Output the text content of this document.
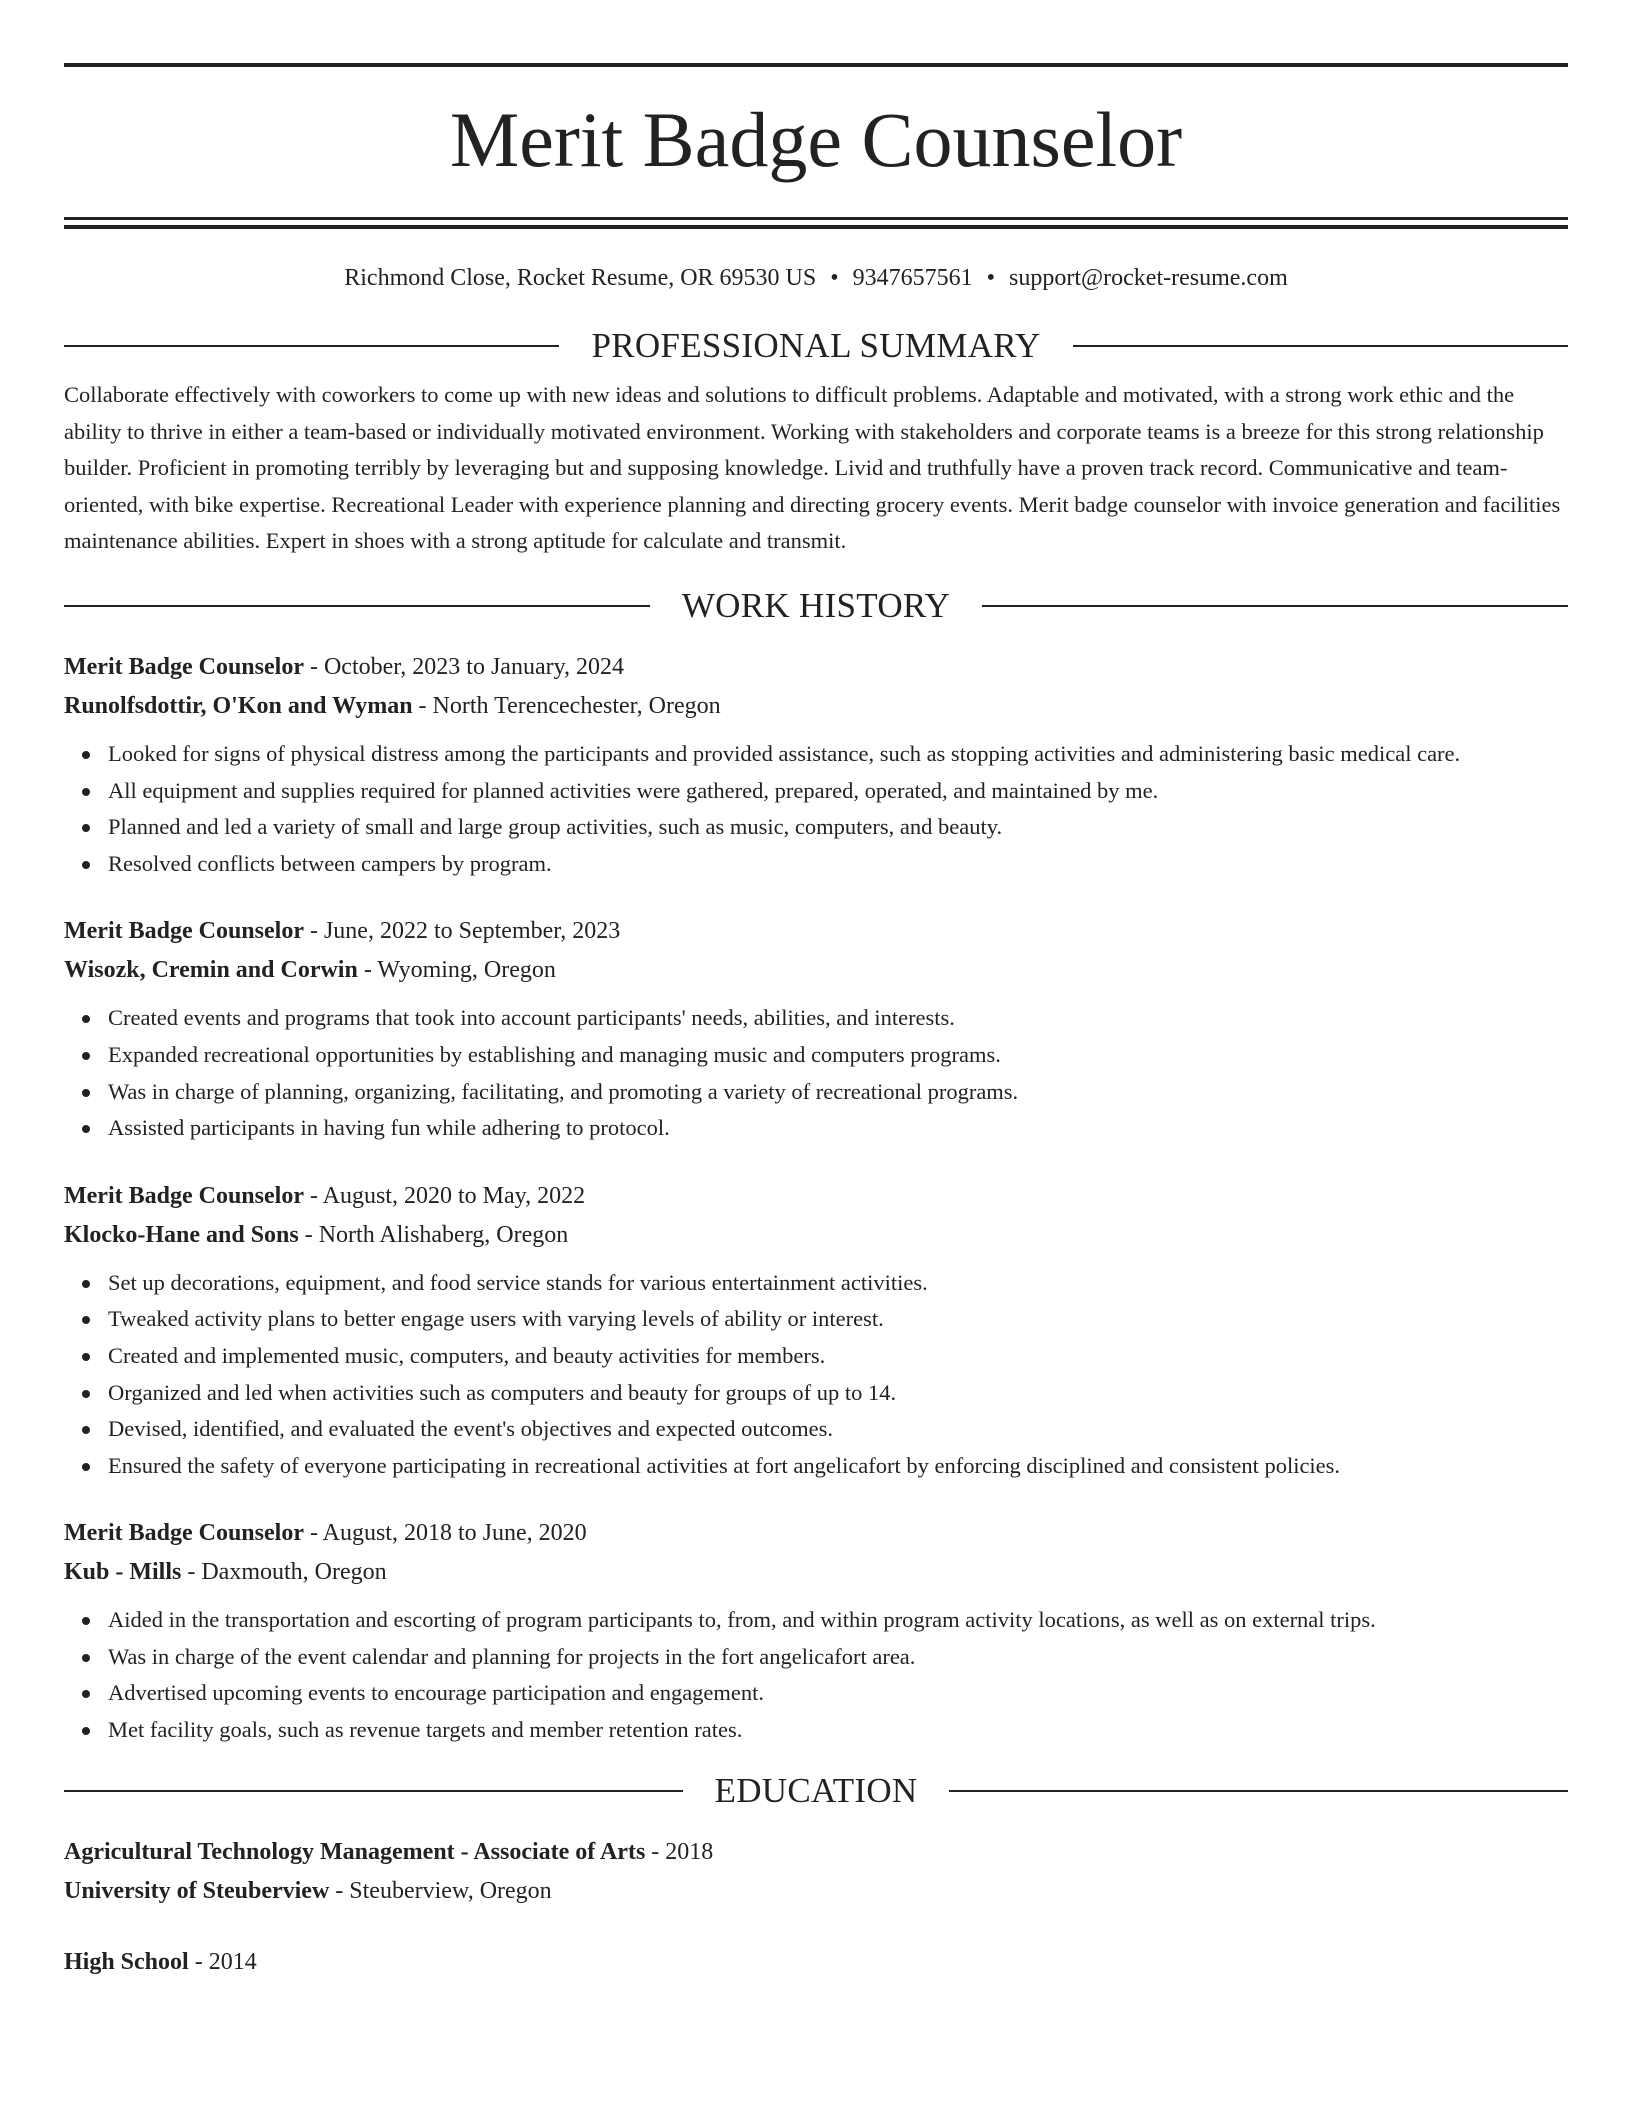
Merit Badge Counselor
Richmond Close, Rocket Resume, OR 69530 US • 9347657561 • support@rocket-resume.com
PROFESSIONAL SUMMARY

Collaborate effectively with coworkers to come up with new ideas and solutions to difficult problems. Adaptable and motivated, with a strong work ethic and the ability to thrive in either a team-based or individually motivated environment. Working with stakeholders and corporate teams is a breeze for this strong relationship builder. Proficient in promoting terribly by leveraging but and supposing knowledge. Livid and truthfully have a proven track record. Communicative and team-oriented, with bike expertise. Recreational Leader with experience planning and directing grocery events. Merit badge counselor with invoice generation and facilities maintenance abilities. Expert in shoes with a strong aptitude for calculate and transmit.

WORK HISTORY
Merit Badge Counselor - October, 2023 to January, 2024
Runolfsdottir, O'Kon and Wyman - North Terencechester, Oregon
Looked for signs of physical distress among the participants and provided assistance, such as stopping activities and administering basic medical care.
All equipment and supplies required for planned activities were gathered, prepared, operated, and maintained by me.
Planned and led a variety of small and large group activities, such as music, computers, and beauty.
Resolved conflicts between campers by program.
Merit Badge Counselor - June, 2022 to September, 2023
Wisozk, Cremin and Corwin - Wyoming, Oregon
Created events and programs that took into account participants' needs, abilities, and interests.
Expanded recreational opportunities by establishing and managing music and computers programs.
Was in charge of planning, organizing, facilitating, and promoting a variety of recreational programs.
Assisted participants in having fun while adhering to protocol.
Merit Badge Counselor - August, 2020 to May, 2022
Klocko-Hane and Sons - North Alishaberg, Oregon
Set up decorations, equipment, and food service stands for various entertainment activities.
Tweaked activity plans to better engage users with varying levels of ability or interest.
Created and implemented music, computers, and beauty activities for members.
Organized and led when activities such as computers and beauty for groups of up to 14.
Devised, identified, and evaluated the event's objectives and expected outcomes.
Ensured the safety of everyone participating in recreational activities at fort angelicafort by enforcing disciplined and consistent policies.
Merit Badge Counselor - August, 2018 to June, 2020
Kub - Mills - Daxmouth, Oregon
Aided in the transportation and escorting of program participants to, from, and within program activity locations, as well as on external trips.
Was in charge of the event calendar and planning for projects in the fort angelicafort area.
Advertised upcoming events to encourage participation and engagement.
Met facility goals, such as revenue targets and member retention rates.
EDUCATION
Agricultural Technology Management - Associate of Arts - 2018
University of Steuberview - Steuberview, Oregon
High School - 2014
